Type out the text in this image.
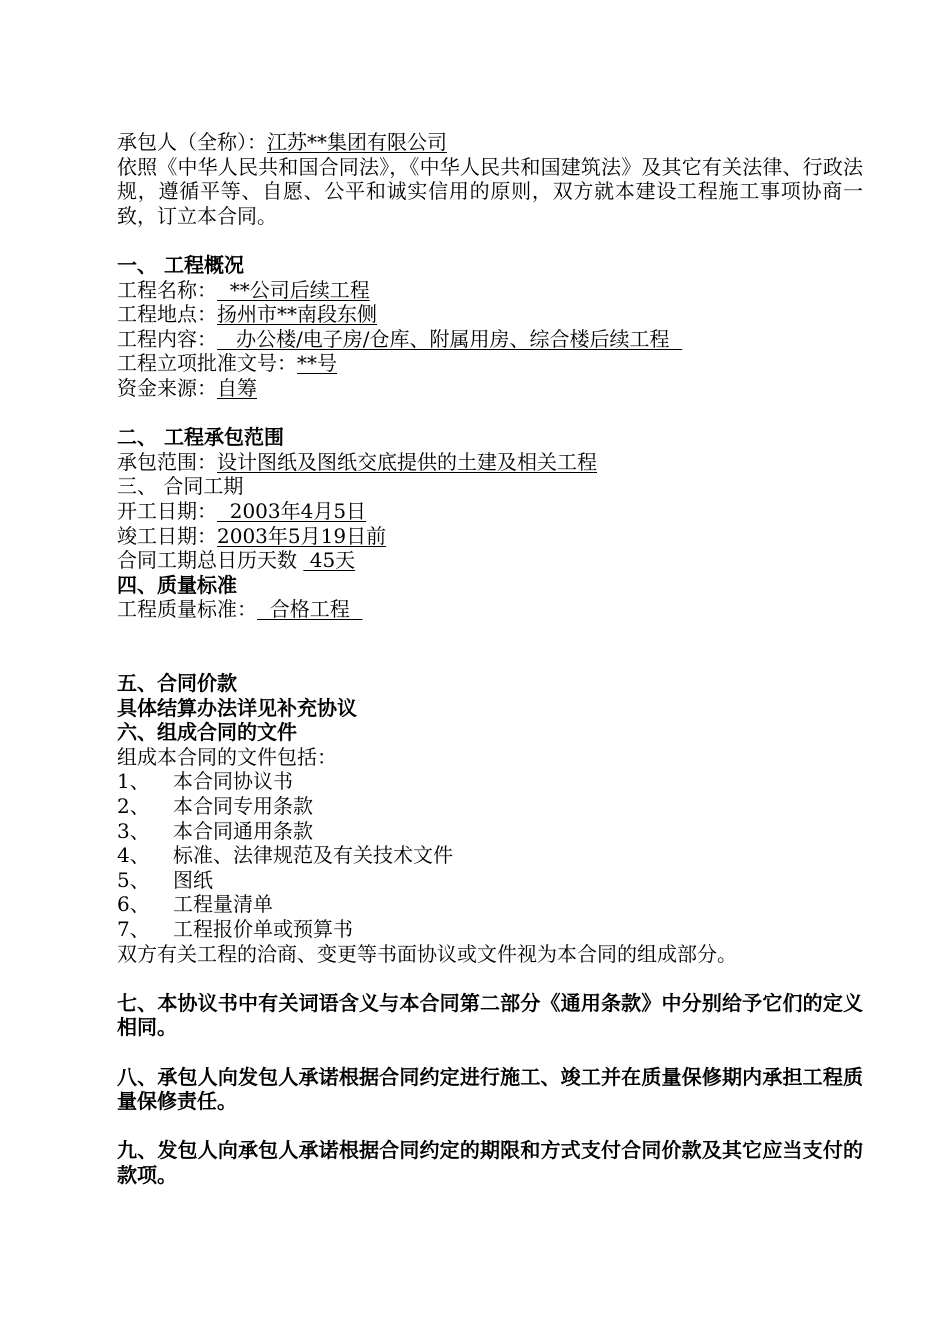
承包人（全称）：江苏**集团有限公司
依照《中华人民共和国合同法》，《中华人民共和国建筑法》及其它有关法律、行政法规，遵循平等、自愿、公平和诚实信用的原则，双方就本建设工程施工事项协商一致，订立本合同。
一、 工程概况
工程名称：  **公司后续工程
工程地点：扬州市**南段东侧
工程内容：   办公楼/电子房/仓库、附属用房、综合楼后续工程
工程立项批准文号：**号
资金来源：自筹
二、 工程承包范围
承包范围：设计图纸及图纸交底提供的土建及相关工程
三、 合同工期
开工日期：  2003年4月5日
竣工日期：2003年5月19日前
合同工期总日历天数  45天
四、质量标准
工程质量标准：  合格工程
五、合同价款
具体结算办法详见补充协议
六、组成合同的文件
组成本合同的文件包括：
1、 本合同协议书
2、 本合同专用条款
3、 本合同通用条款
4、 标准、法律规范及有关技术文件
5、 图纸
6、 工程量清单
7、 工程报价单或预算书
双方有关工程的洽商、变更等书面协议或文件视为本合同的组成部分。
七、本协议书中有关词语含义与本合同第二部分《通用条款》中分别给予它们的定义相同。
八、承包人向发包人承诺根据合同约定进行施工、竣工并在质量保修期内承担工程质量保修责任。
九、发包人向承包人承诺根据合同约定的期限和方式支付合同价款及其它应当支付的款项。
